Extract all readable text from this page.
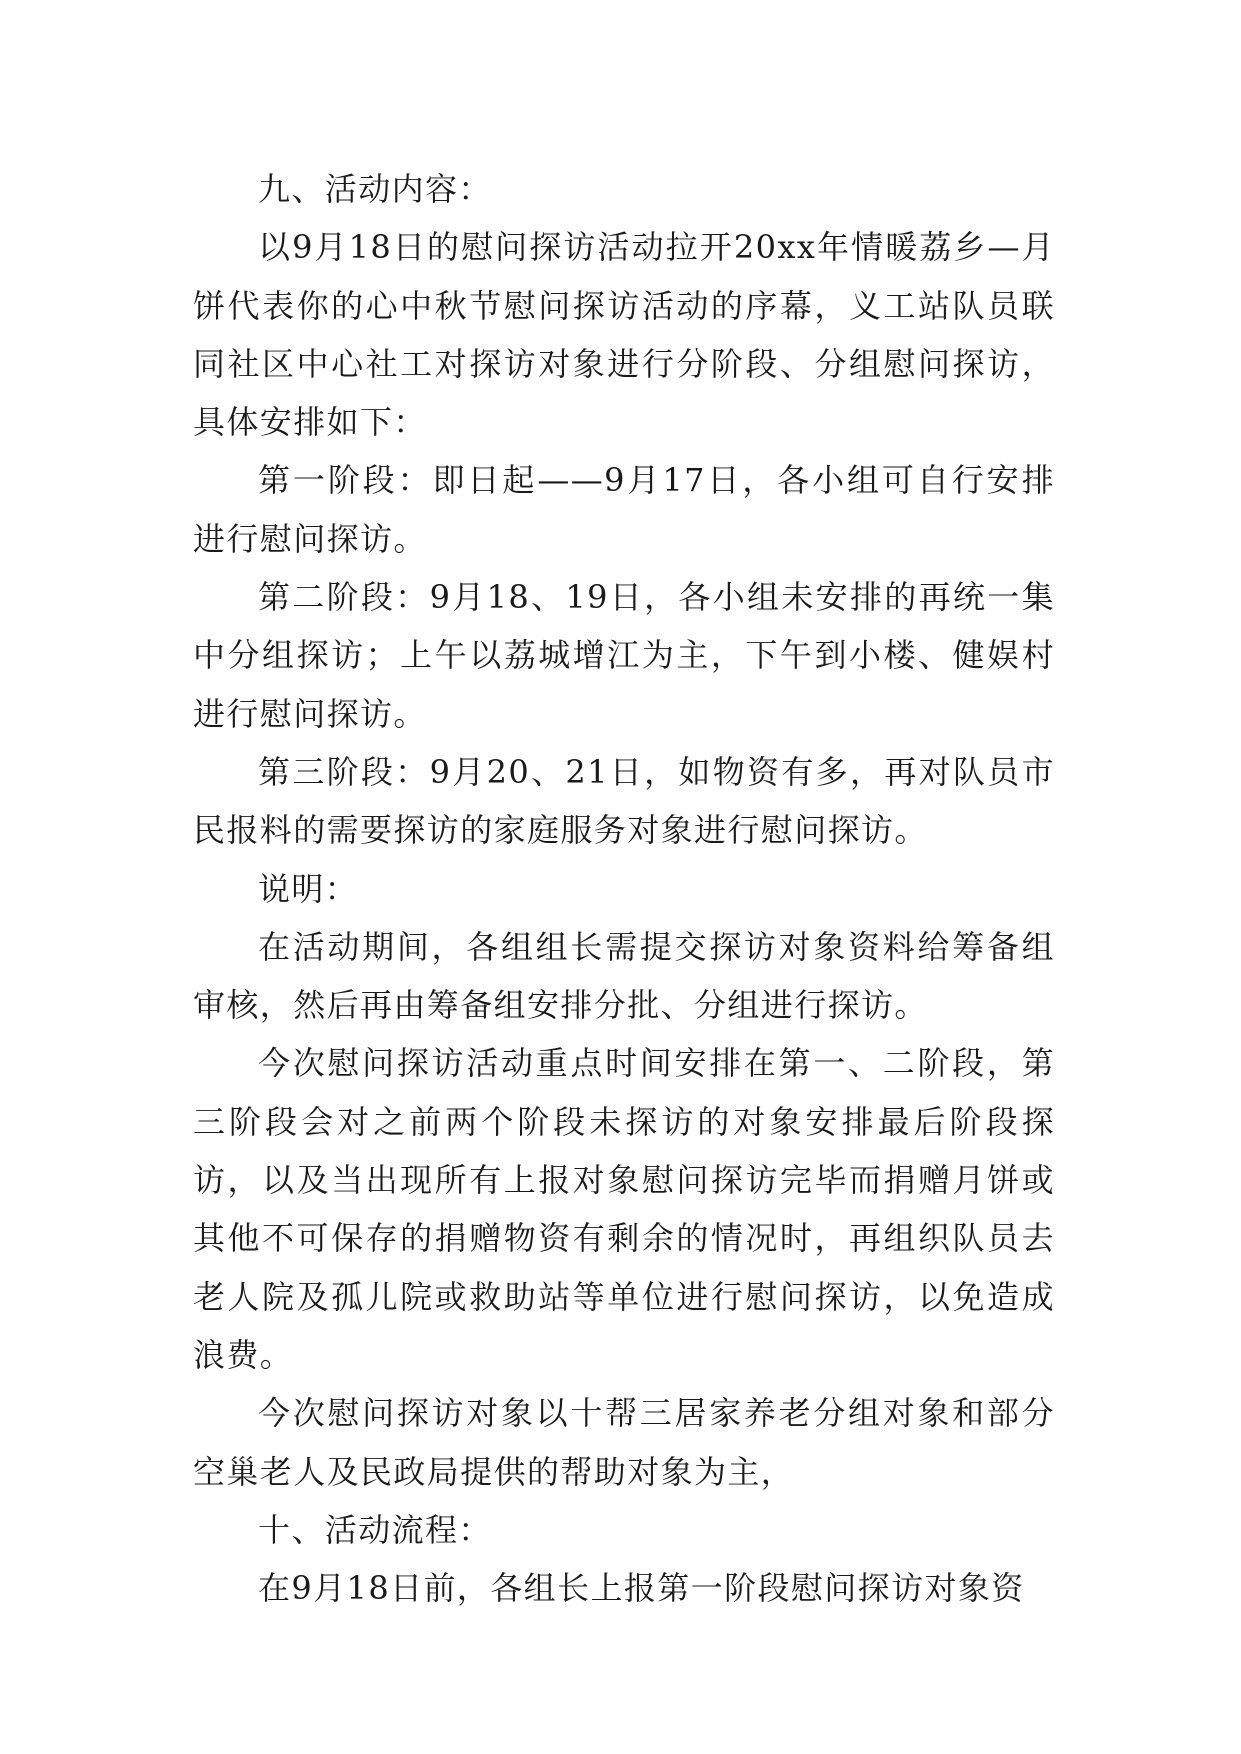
九、活动内容：

以9月18日的慰问探访活动拉开20xx年情暖荔乡—月饼代表你的心中秋节慰问探访活动的序幕，义工站队员联同社区中心社工对探访对象进行分阶段、分组慰问探访，具体安排如下：

第一阶段：即日起——9月17日，各小组可自行安排进行慰问探访。

第二阶段：9月18、19日，各小组未安排的再统一集中分组探访；上午以荔城增江为主，下午到小楼、健娱村进行慰问探访。

第三阶段：9月20、21日，如物资有多，再对队员市民报料的需要探访的家庭服务对象进行慰问探访。

说明：

在活动期间，各组组长需提交探访对象资料给筹备组审核，然后再由筹备组安排分批、分组进行探访。

今次慰问探访活动重点时间安排在第一、二阶段，第三阶段会对之前两个阶段未探访的对象安排最后阶段探访，以及当出现所有上报对象慰问探访完毕而捐赠月饼或其他不可保存的捐赠物资有剩余的情况时，再组织队员去老人院及孤儿院或救助站等单位进行慰问探访，以免造成浪费。

今次慰问探访对象以十帮三居家养老分组对象和部分空巢老人及民政局提供的帮助对象为主，

十、活动流程：

在9月18日前，各组长上报第一阶段慰问探访对象资
